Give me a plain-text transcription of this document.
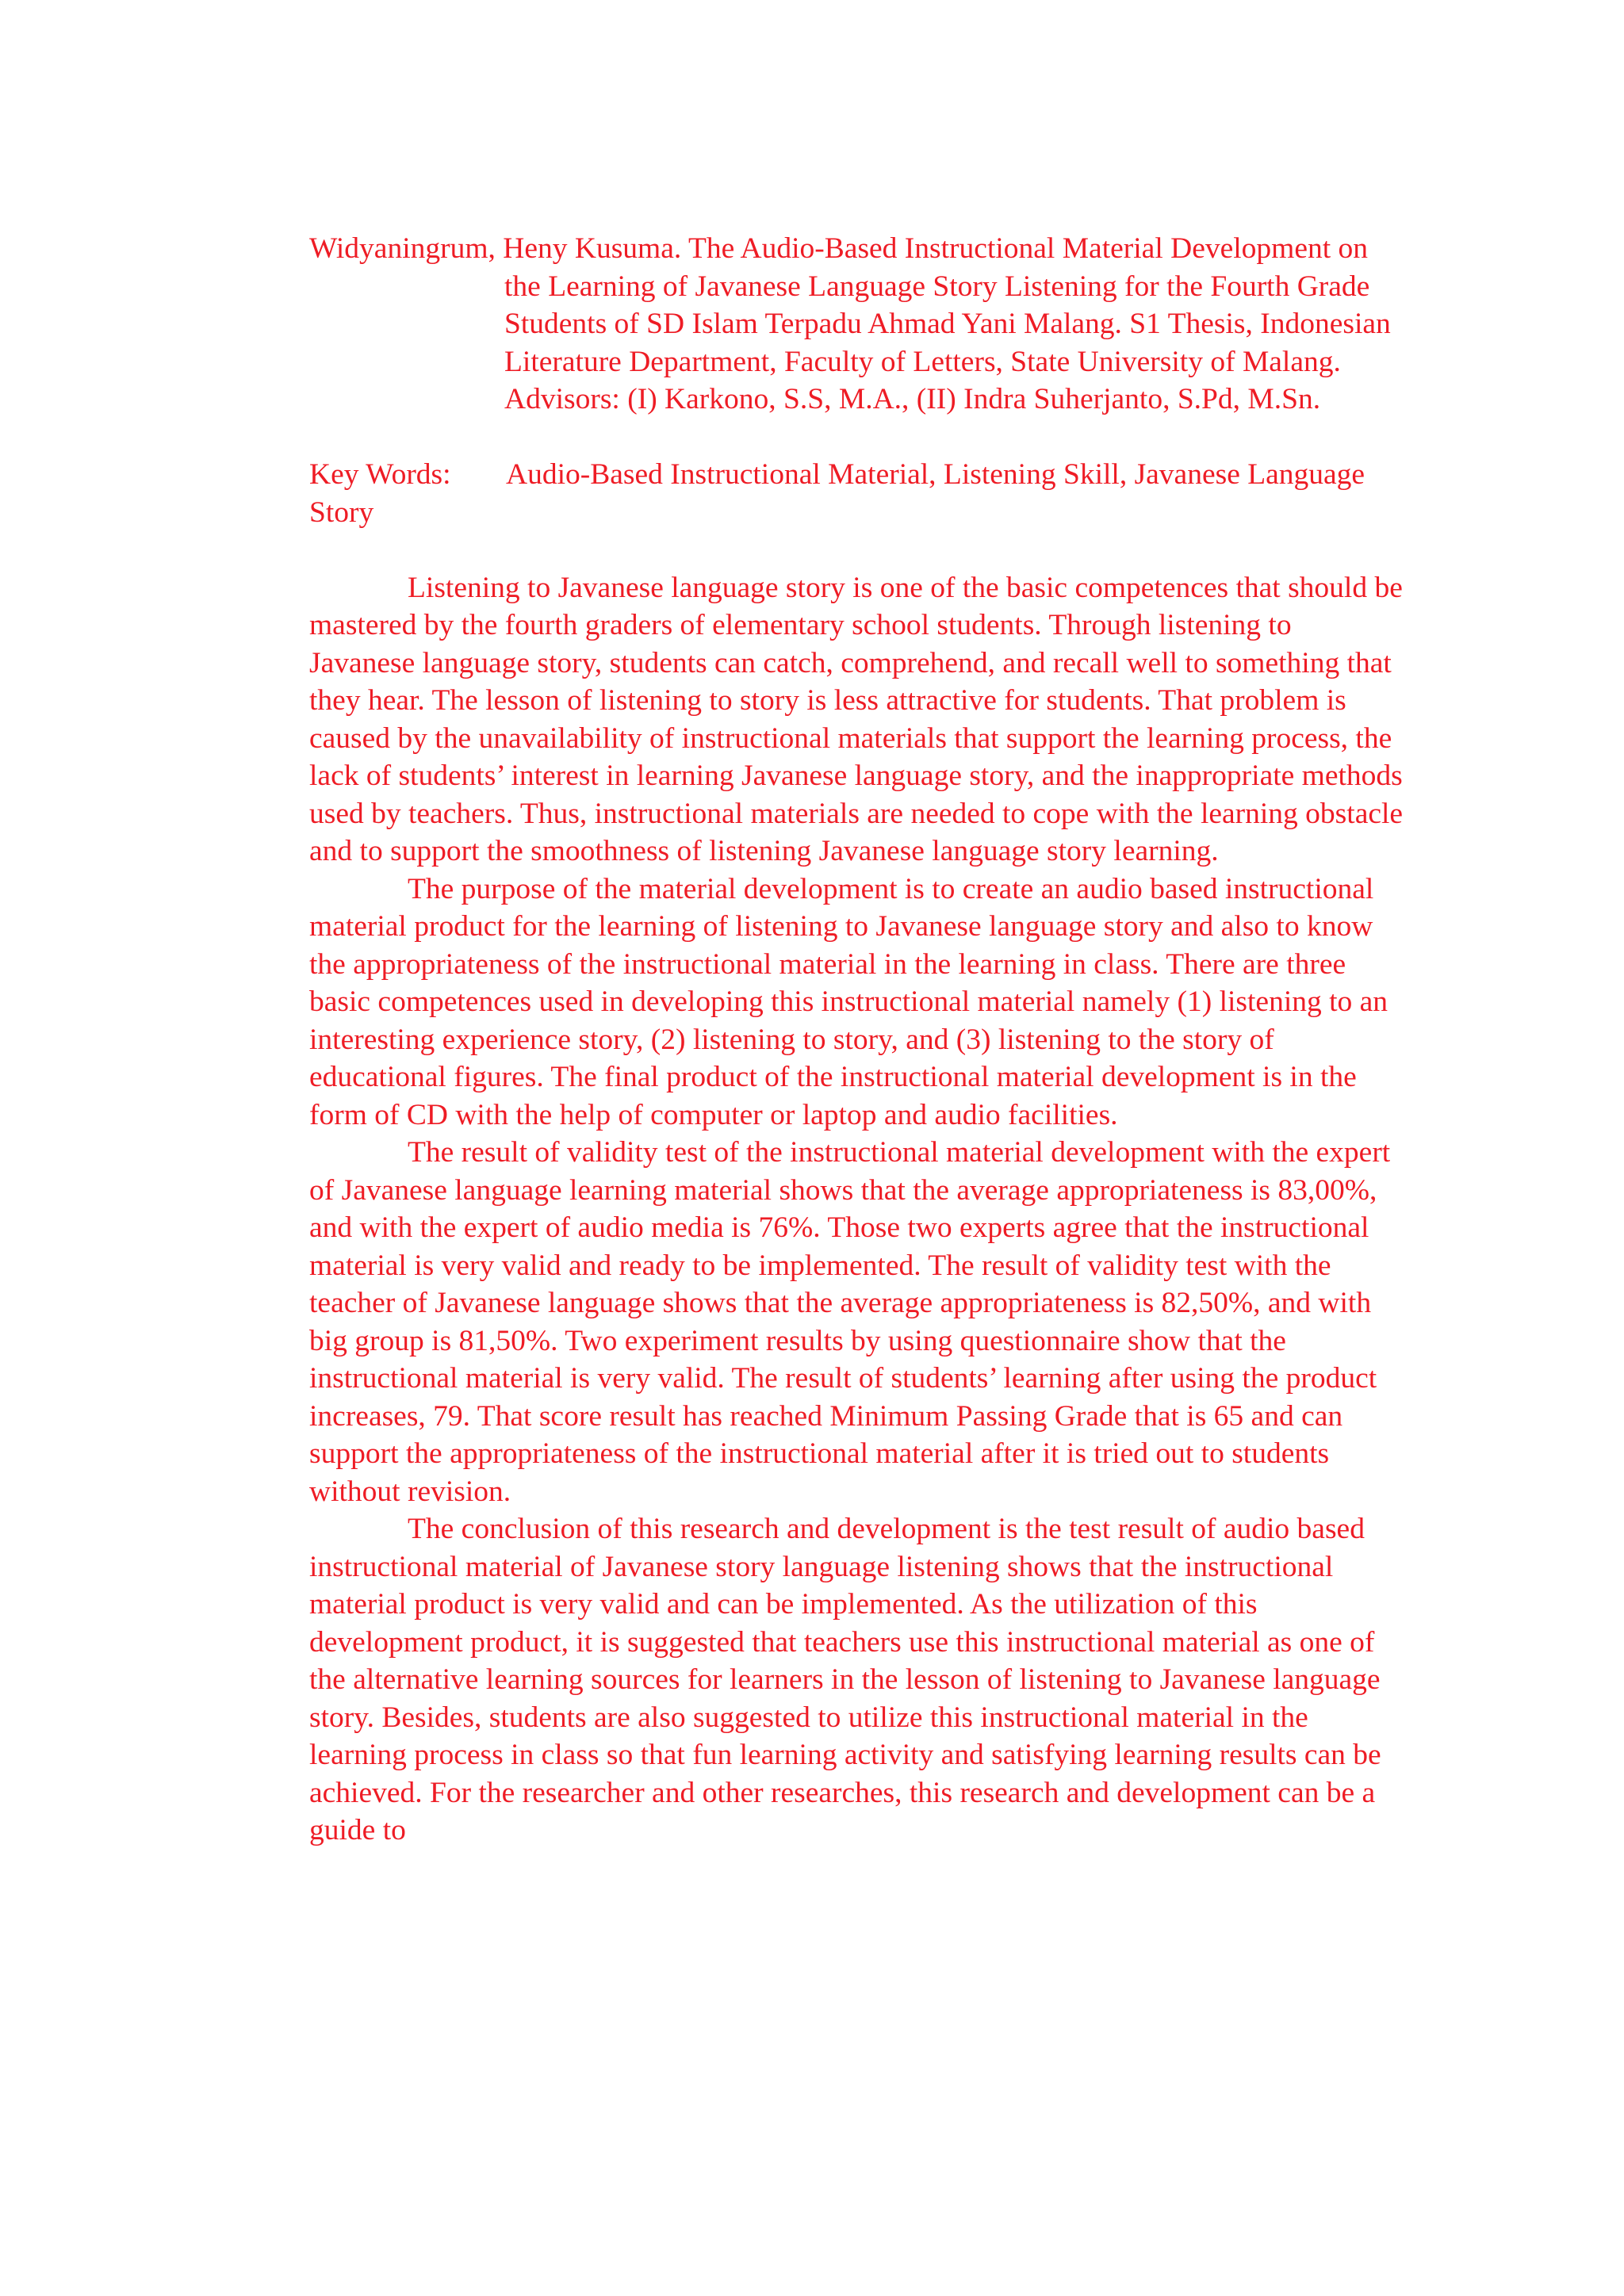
Widyaningrum, Heny Kusuma. The Audio-Based Instructional Material Development on the Learning of Javanese Language Story Listening for the Fourth Grade Students of SD Islam Terpadu Ahmad Yani Malang. S1 Thesis, Indonesian Literature Department, Faculty of Letters, State University of Malang. Advisors: (I) Karkono, S.S, M.A., (II) Indra Suherjanto, S.Pd, M.Sn.

Key Words: Audio-Based Instructional Material, Listening Skill, Javanese Language Story

Listening to Javanese language story is one of the basic competences that should be mastered by the fourth graders of elementary school students. Through listening to Javanese language story, students can catch, comprehend, and recall well to something that they hear. The lesson of listening to story is less attractive for students. That problem is caused by the unavailability of instructional materials that support the learning process, the lack of students’ interest in learning Javanese language story, and the inappropriate methods used by teachers. Thus, instructional materials are needed to cope with the learning obstacle and to support the smoothness of listening Javanese language story learning.

The purpose of the material development is to create an audio based instructional material product for the learning of listening to Javanese language story and also to know the appropriateness of the instructional material in the learning in class. There are three basic competences used in developing this instructional material namely (1) listening to an interesting experience story, (2) listening to story, and (3) listening to the story of educational figures. The final product of the instructional material development is in the form of CD with the help of computer or laptop and audio facilities.

The result of validity test of the instructional material development with the expert of Javanese language learning material shows that the average appropriateness is 83,00%, and with the expert of audio media is 76%. Those two experts agree that the instructional material is very valid and ready to be implemented. The result of validity test with the teacher of Javanese language shows that the average appropriateness is 82,50%, and with big group is 81,50%. Two experiment results by using questionnaire show that the instructional material is very valid. The result of students’ learning after using the product increases, 79. That score result has reached Minimum Passing Grade that is 65 and can support the appropriateness of the instructional material after it is tried out to students without revision.

The conclusion of this research and development is the test result of audio based instructional material of Javanese story language listening shows that the instructional material product is very valid and can be implemented. As the utilization of this development product, it is suggested that teachers use this instructional material as one of the alternative learning sources for learners in the lesson of listening to Javanese language story. Besides, students are also suggested to utilize this instructional material in the learning process in class so that fun learning activity and satisfying learning results can be achieved. For the researcher and other researches, this research and development can be a guide to
